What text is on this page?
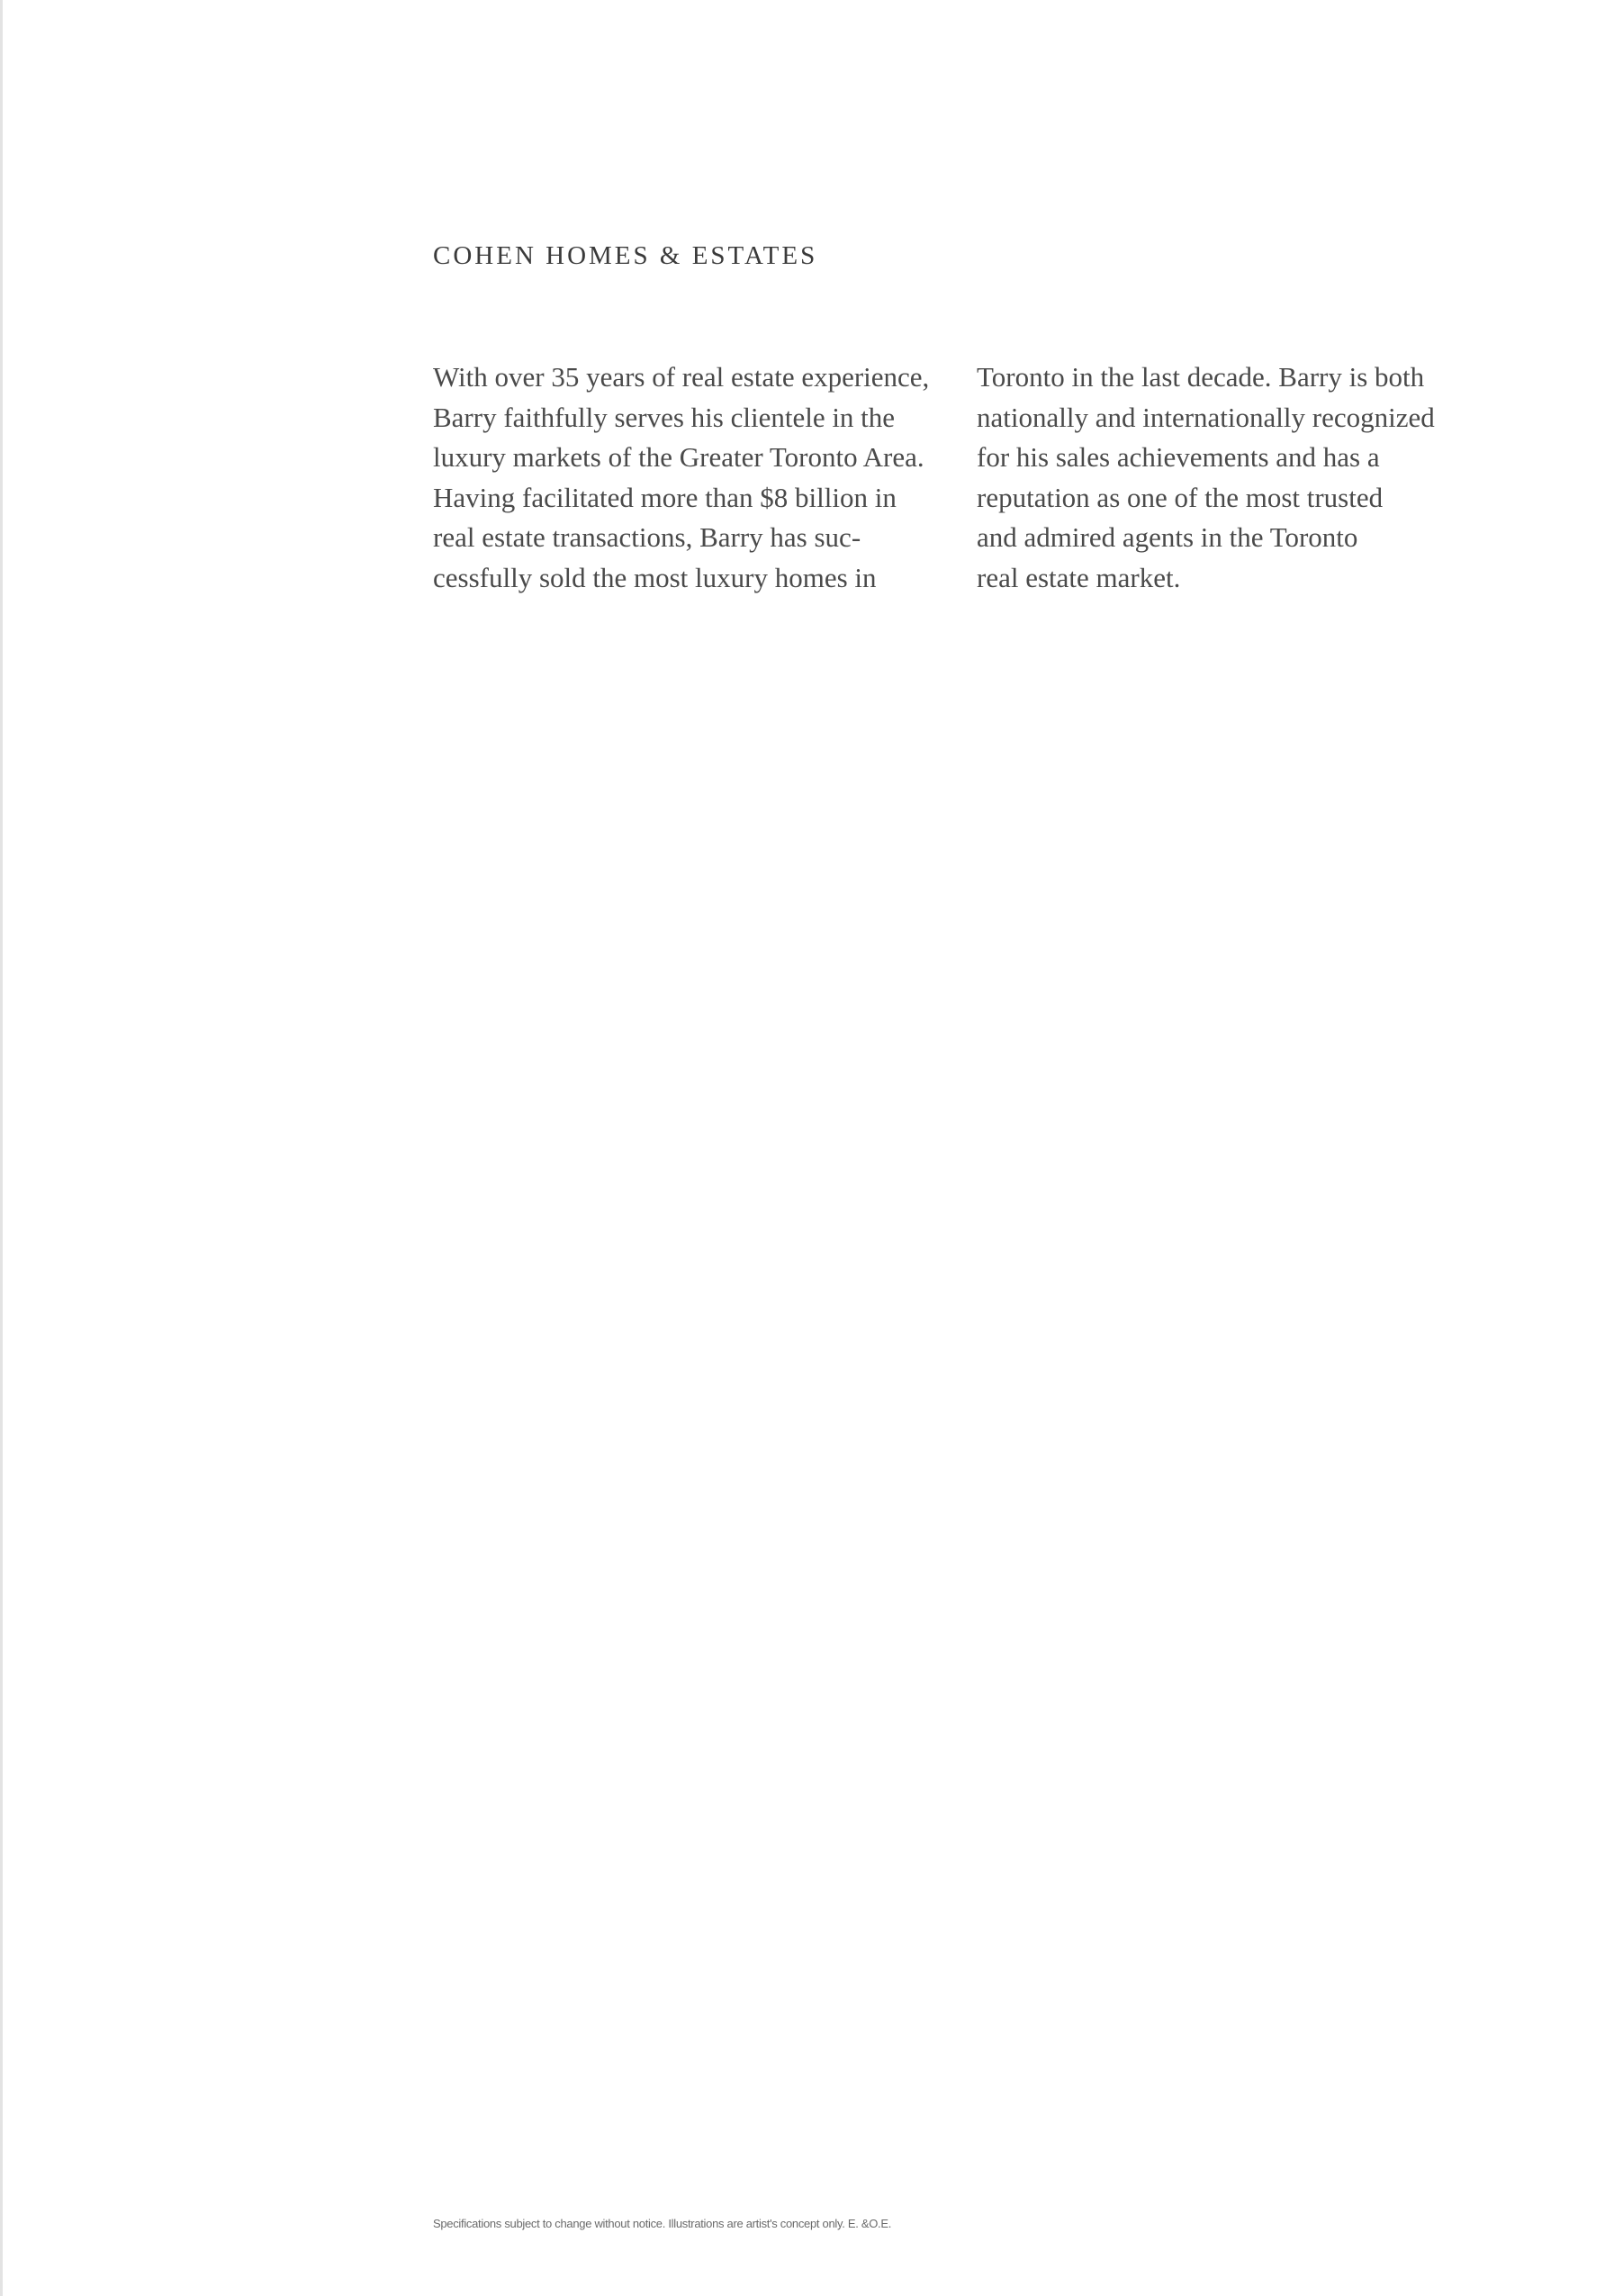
COHEN HOMES & ESTATES
With over 35 years of real estate experience,
Barry faithfully serves his clientele in the
luxury markets of the Greater Toronto Area.
Having facilitated more than $8 billion in
real estate transactions, Barry has suc-
cessfully sold the most luxury homes in
Toronto in the last decade. Barry is both
nationally and internationally recognized
for his sales achievements and has a
reputation as one of the most trusted
and admired agents in the Toronto
real estate market.
Specifications subject to change without notice. Illustrations are artist's concept only. E. &O.E.
